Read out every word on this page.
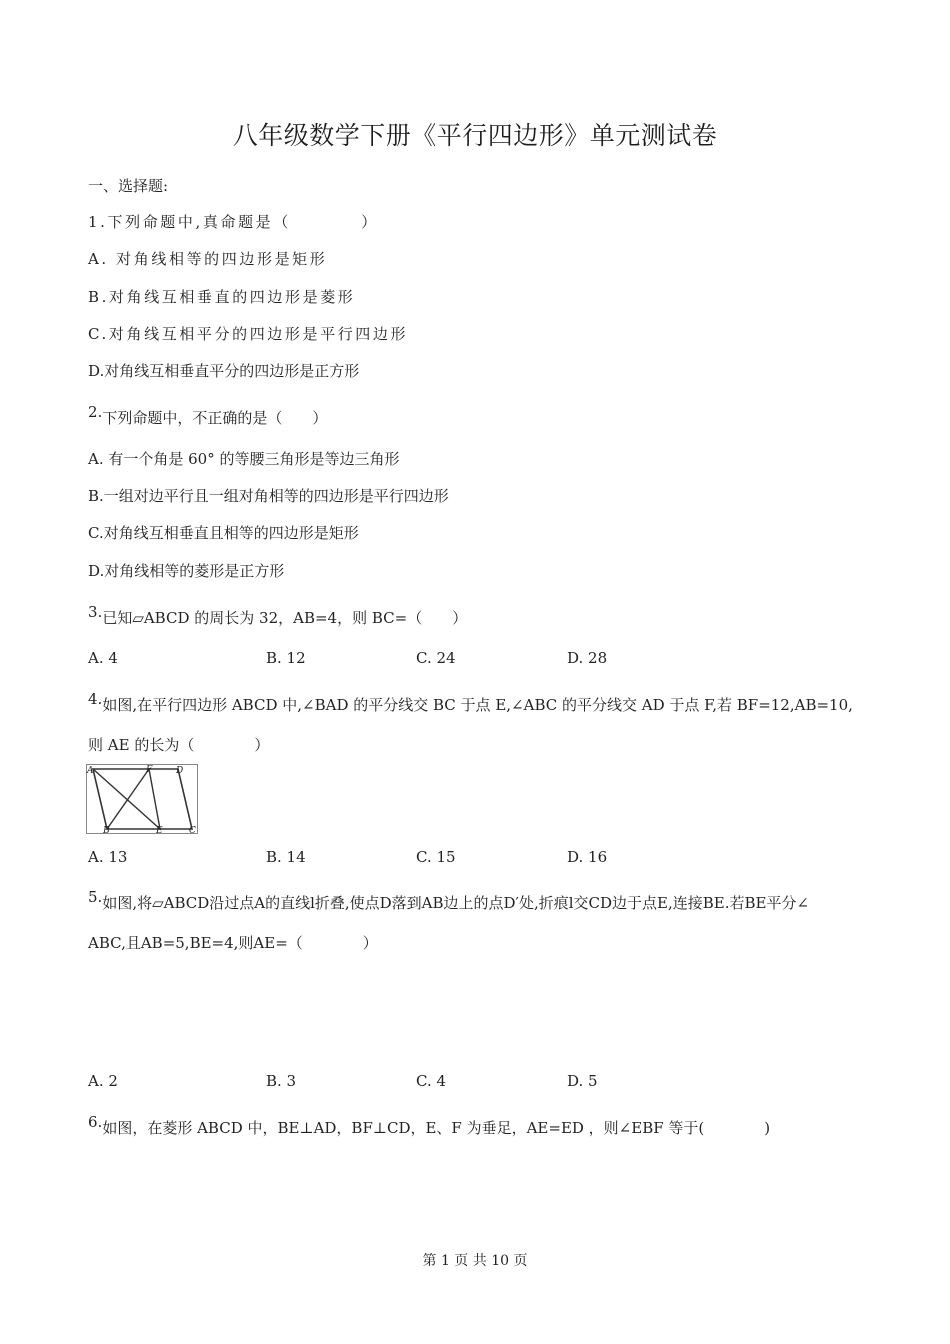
八年级数学下册《平行四边形》单元测试卷
一、选择题:
1.下列命题中,真命题是（　　　　）
A. 对角线相等的四边形是矩形
B.对角线互相垂直的四边形是菱形
C.对角线互相平分的四边形是平行四边形
D.对角线互相垂直平分的四边形是正方形
2.下列命题中，不正确的是（　　）
A. 有一个角是 60° 的等腰三角形是等边三角形
B.一组对边平行且一组对角相等的四边形是平行四边形
C.对角线互相垂直且相等的四边形是矩形
D.对角线相等的菱形是正方形
3.已知▱ABCD 的周长为 32，AB=4，则 BC=（　　）
A. 4	B. 12	C. 24	D. 28
4.如图,在平行四边形 ABCD 中,∠BAD 的平分线交 BC 于点 E,∠ABC 的平分线交 AD 于点 F,若 BF=12,AB=10,
则 AE 的长为（　　　　）
A	F	D
B	E	C
A. 13	B. 14	C. 15	D. 16
5.如图,将▱ABCD沿过点A的直线l折叠,使点D落到AB边上的点D′处,折痕l交CD边于点E,连接BE.若BE平分∠
ABC,且AB=5,BE=4,则AE=（　　　　）
A. 2	B. 3	C. 4	D. 5
6.如图，在菱形 ABCD 中，BE⊥AD，BF⊥CD，E、F 为垂足，AE=ED ，则∠EBF 等于(　　　　)
第 1 页 共 10 页
